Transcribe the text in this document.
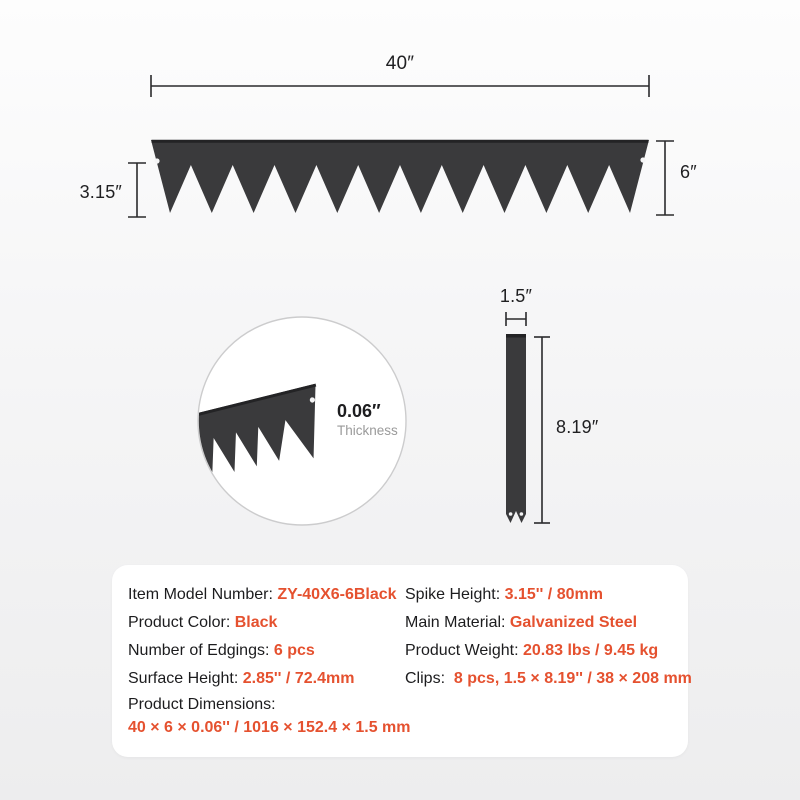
40″
3.15″
6″
1.5″
8.19″
0.06″
Thickness
Item Model Number: ZY-40X6-6Black
Product Color: Black
Number of Edgings: 6 pcs
Surface Height: 2.85'' / 72.4mm
Spike Height: 3.15'' / 80mm
Main Material: Galvanized Steel
Product Weight: 20.83 lbs / 9.45 kg
Clips:  8 pcs, 1.5 × 8.19'' / 38 × 208 mm
Product Dimensions:
40 × 6 × 0.06'' / 1016 × 152.4 × 1.5 mm
